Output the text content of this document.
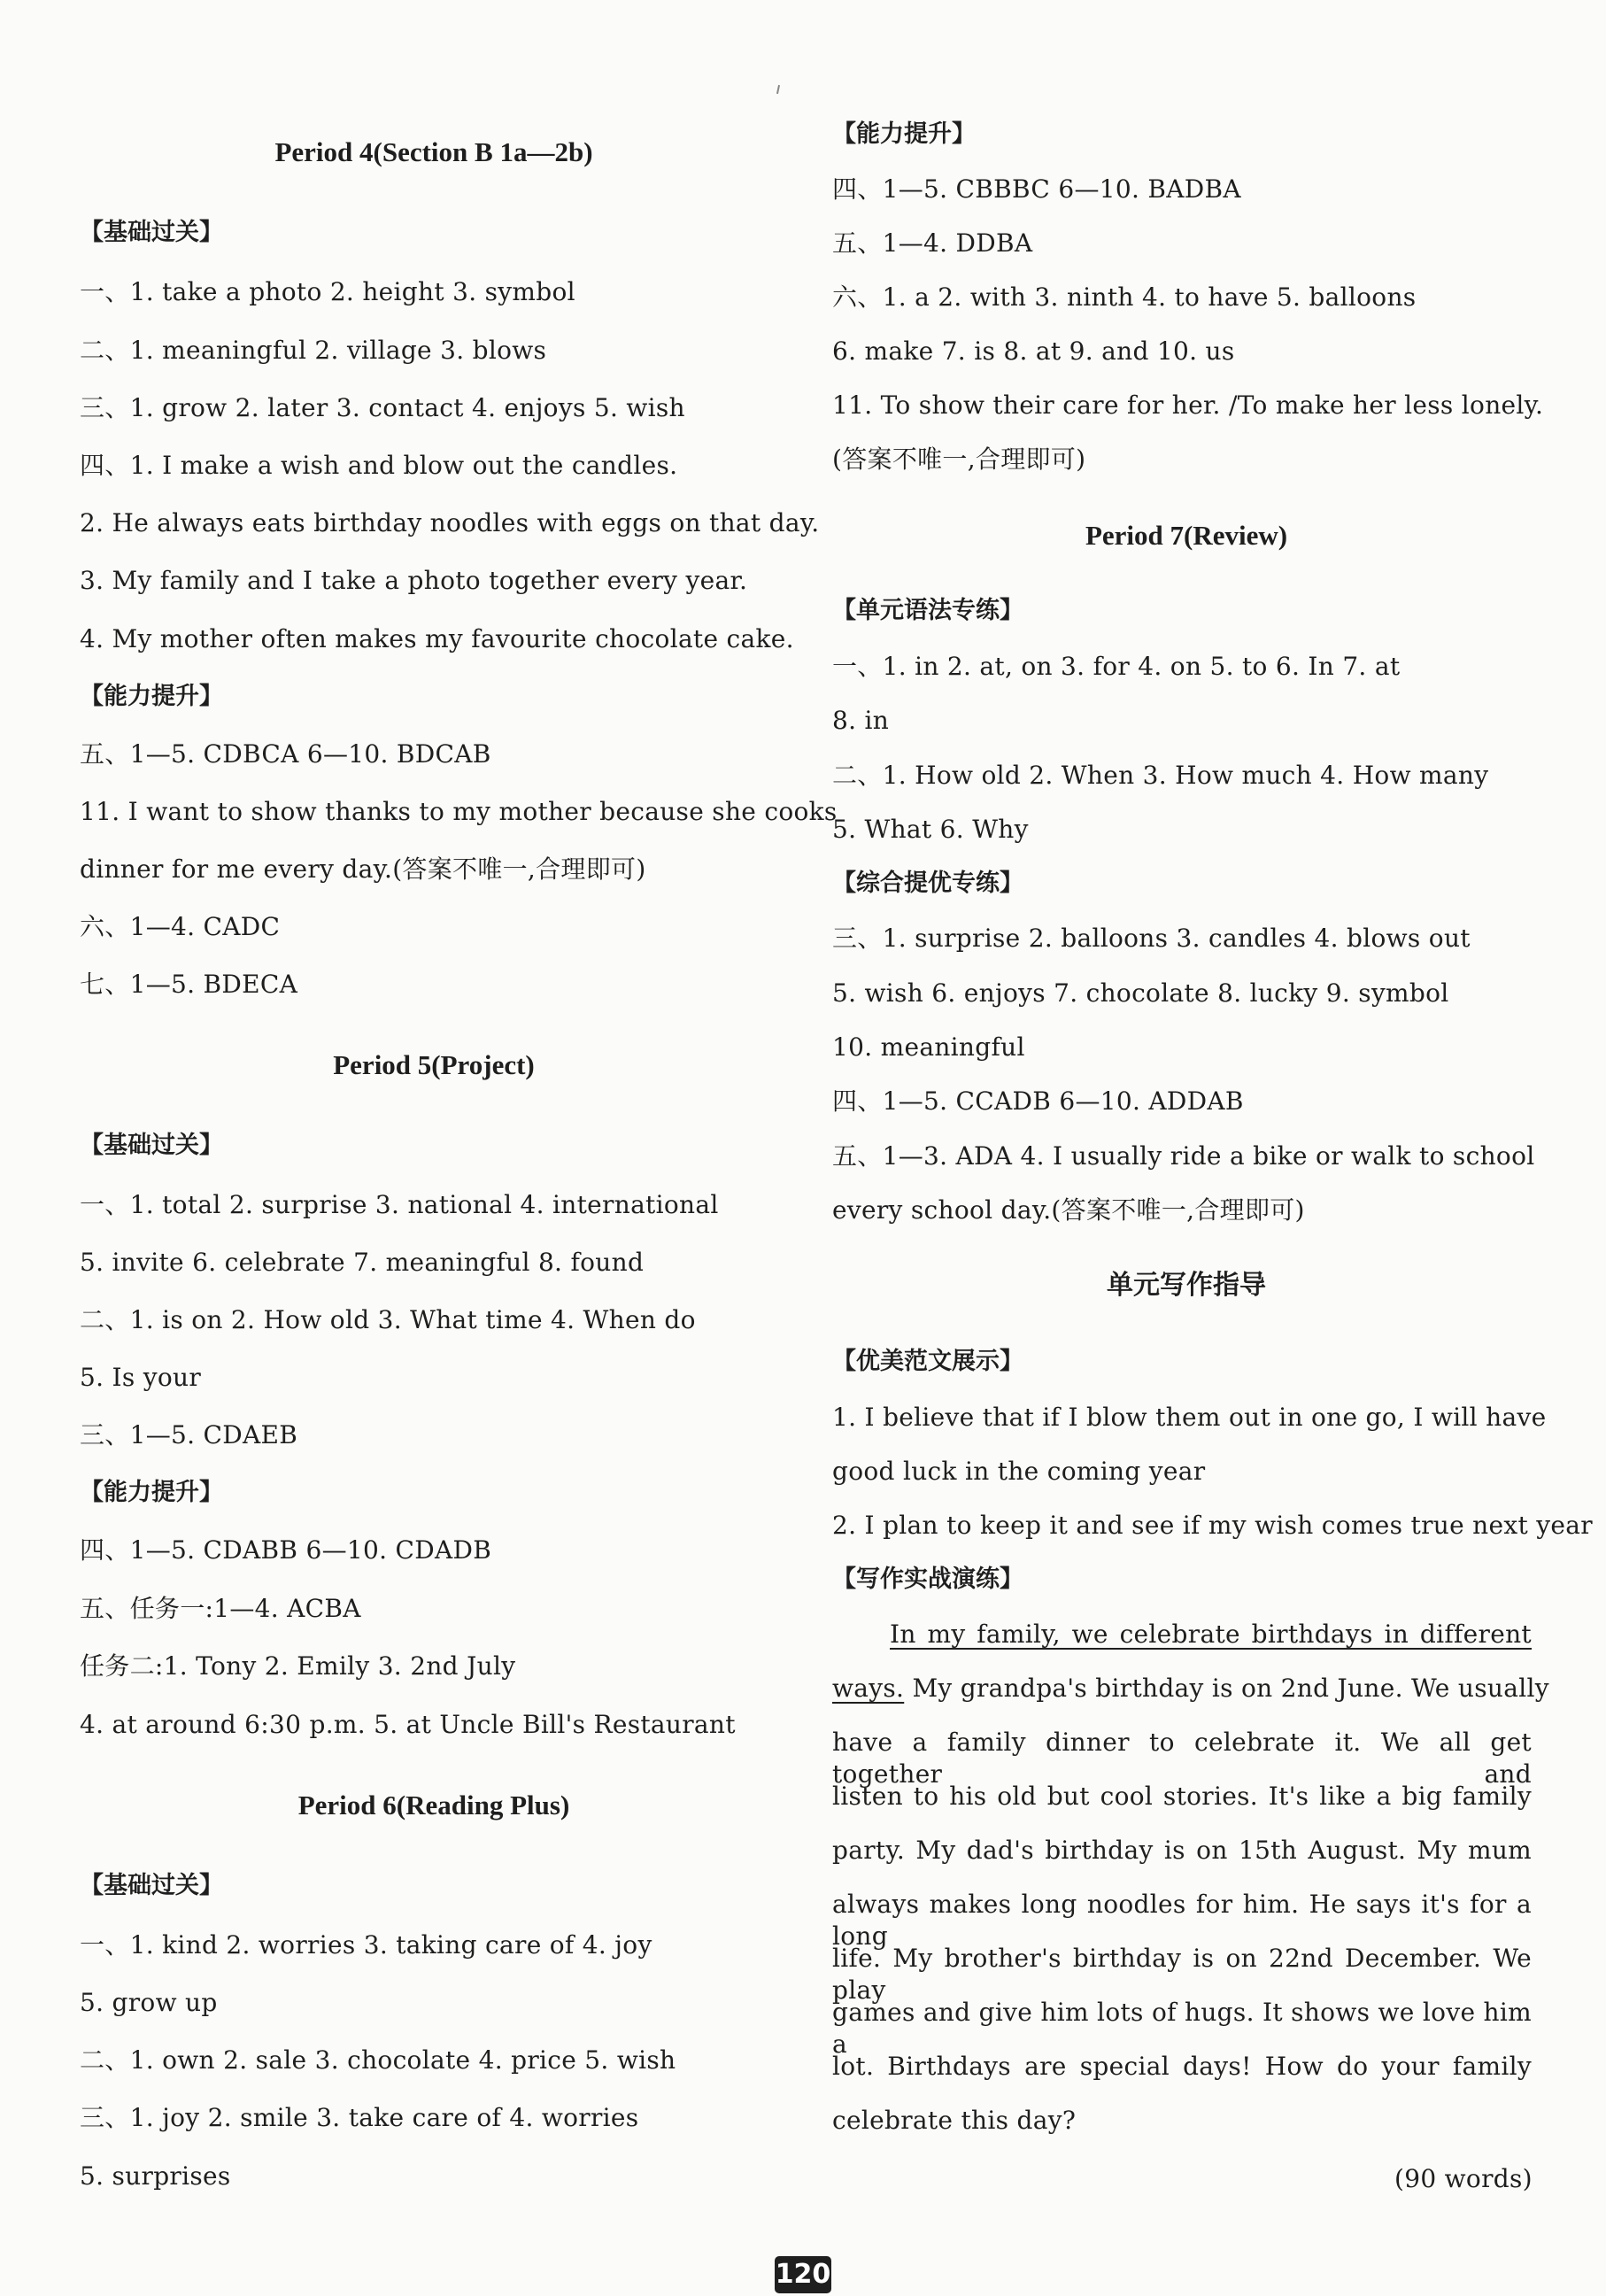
Period 4(Section B 1a—2b)
【基础过关】
一、1. take a photo 2. height 3. symbol
二、1. meaningful 2. village 3. blows
三、1. grow 2. later 3. contact 4. enjoys 5. wish
四、1. I make a wish and blow out the candles.
2. He always eats birthday noodles with eggs on that day.
3. My family and I take a photo together every year.
4. My mother often makes my favourite chocolate cake.
【能力提升】
五、1—5. CDBCA 6—10. BDCAB
11. I want to show thanks to my mother because she cooks
dinner for me every day.(答案不唯一,合理即可)
六、1—4. CADC
七、1—5. BDECA
Period 5(Project)
【基础过关】
一、1. total 2. surprise 3. national 4. international
5. invite 6. celebrate 7. meaningful 8. found
二、1. is on 2. How old 3. What time 4. When do
5. Is your
三、1—5. CDAEB
【能力提升】
四、1—5. CDABB 6—10. CDADB
五、任务一:1—4. ACBA
任务二:1. Tony 2. Emily 3. 2nd July
4. at around 6:30 p.m. 5. at Uncle Bill's Restaurant
Period 6(Reading Plus)
【基础过关】
一、1. kind 2. worries 3. taking care of 4. joy
5. grow up
二、1. own 2. sale 3. chocolate 4. price 5. wish
三、1. joy 2. smile 3. take care of 4. worries
5. surprises
【能力提升】
四、1—5. CBBBC 6—10. BADBA
五、1—4. DDBA
六、1. a 2. with 3. ninth 4. to have 5. balloons
6. make 7. is 8. at 9. and 10. us
11. To show their care for her. /To make her less lonely.
(答案不唯一,合理即可)
Period 7(Review)
【单元语法专练】
一、1. in 2. at, on 3. for 4. on 5. to 6. In 7. at
8. in
二、1. How old 2. When 3. How much 4. How many
5. What 6. Why
【综合提优专练】
三、1. surprise 2. balloons 3. candles 4. blows out
5. wish 6. enjoys 7. chocolate 8. lucky 9. symbol
10. meaningful
四、1—5. CCADB 6—10. ADDAB
五、1—3. ADA 4. I usually ride a bike or walk to school
every school day.(答案不唯一,合理即可)
单元写作指导
【优美范文展示】
1. I believe that if I blow them out in one go, I will have
good luck in the coming year
2. I plan to keep it and see if my wish comes true next year
【写作实战演练】
In my family, we celebrate birthdays in different
ways. My grandpa's birthday is on 2nd June. We usually
have a family dinner to celebrate it. We all get together and
listen to his old but cool stories. It's like a big family
party. My dad's birthday is on 15th August. My mum
always makes long noodles for him. He says it's for a long
life. My brother's birthday is on 22nd December. We play
games and give him lots of hugs. It shows we love him a
lot. Birthdays are special days! How do your family
celebrate this day?
(90 words)
120
